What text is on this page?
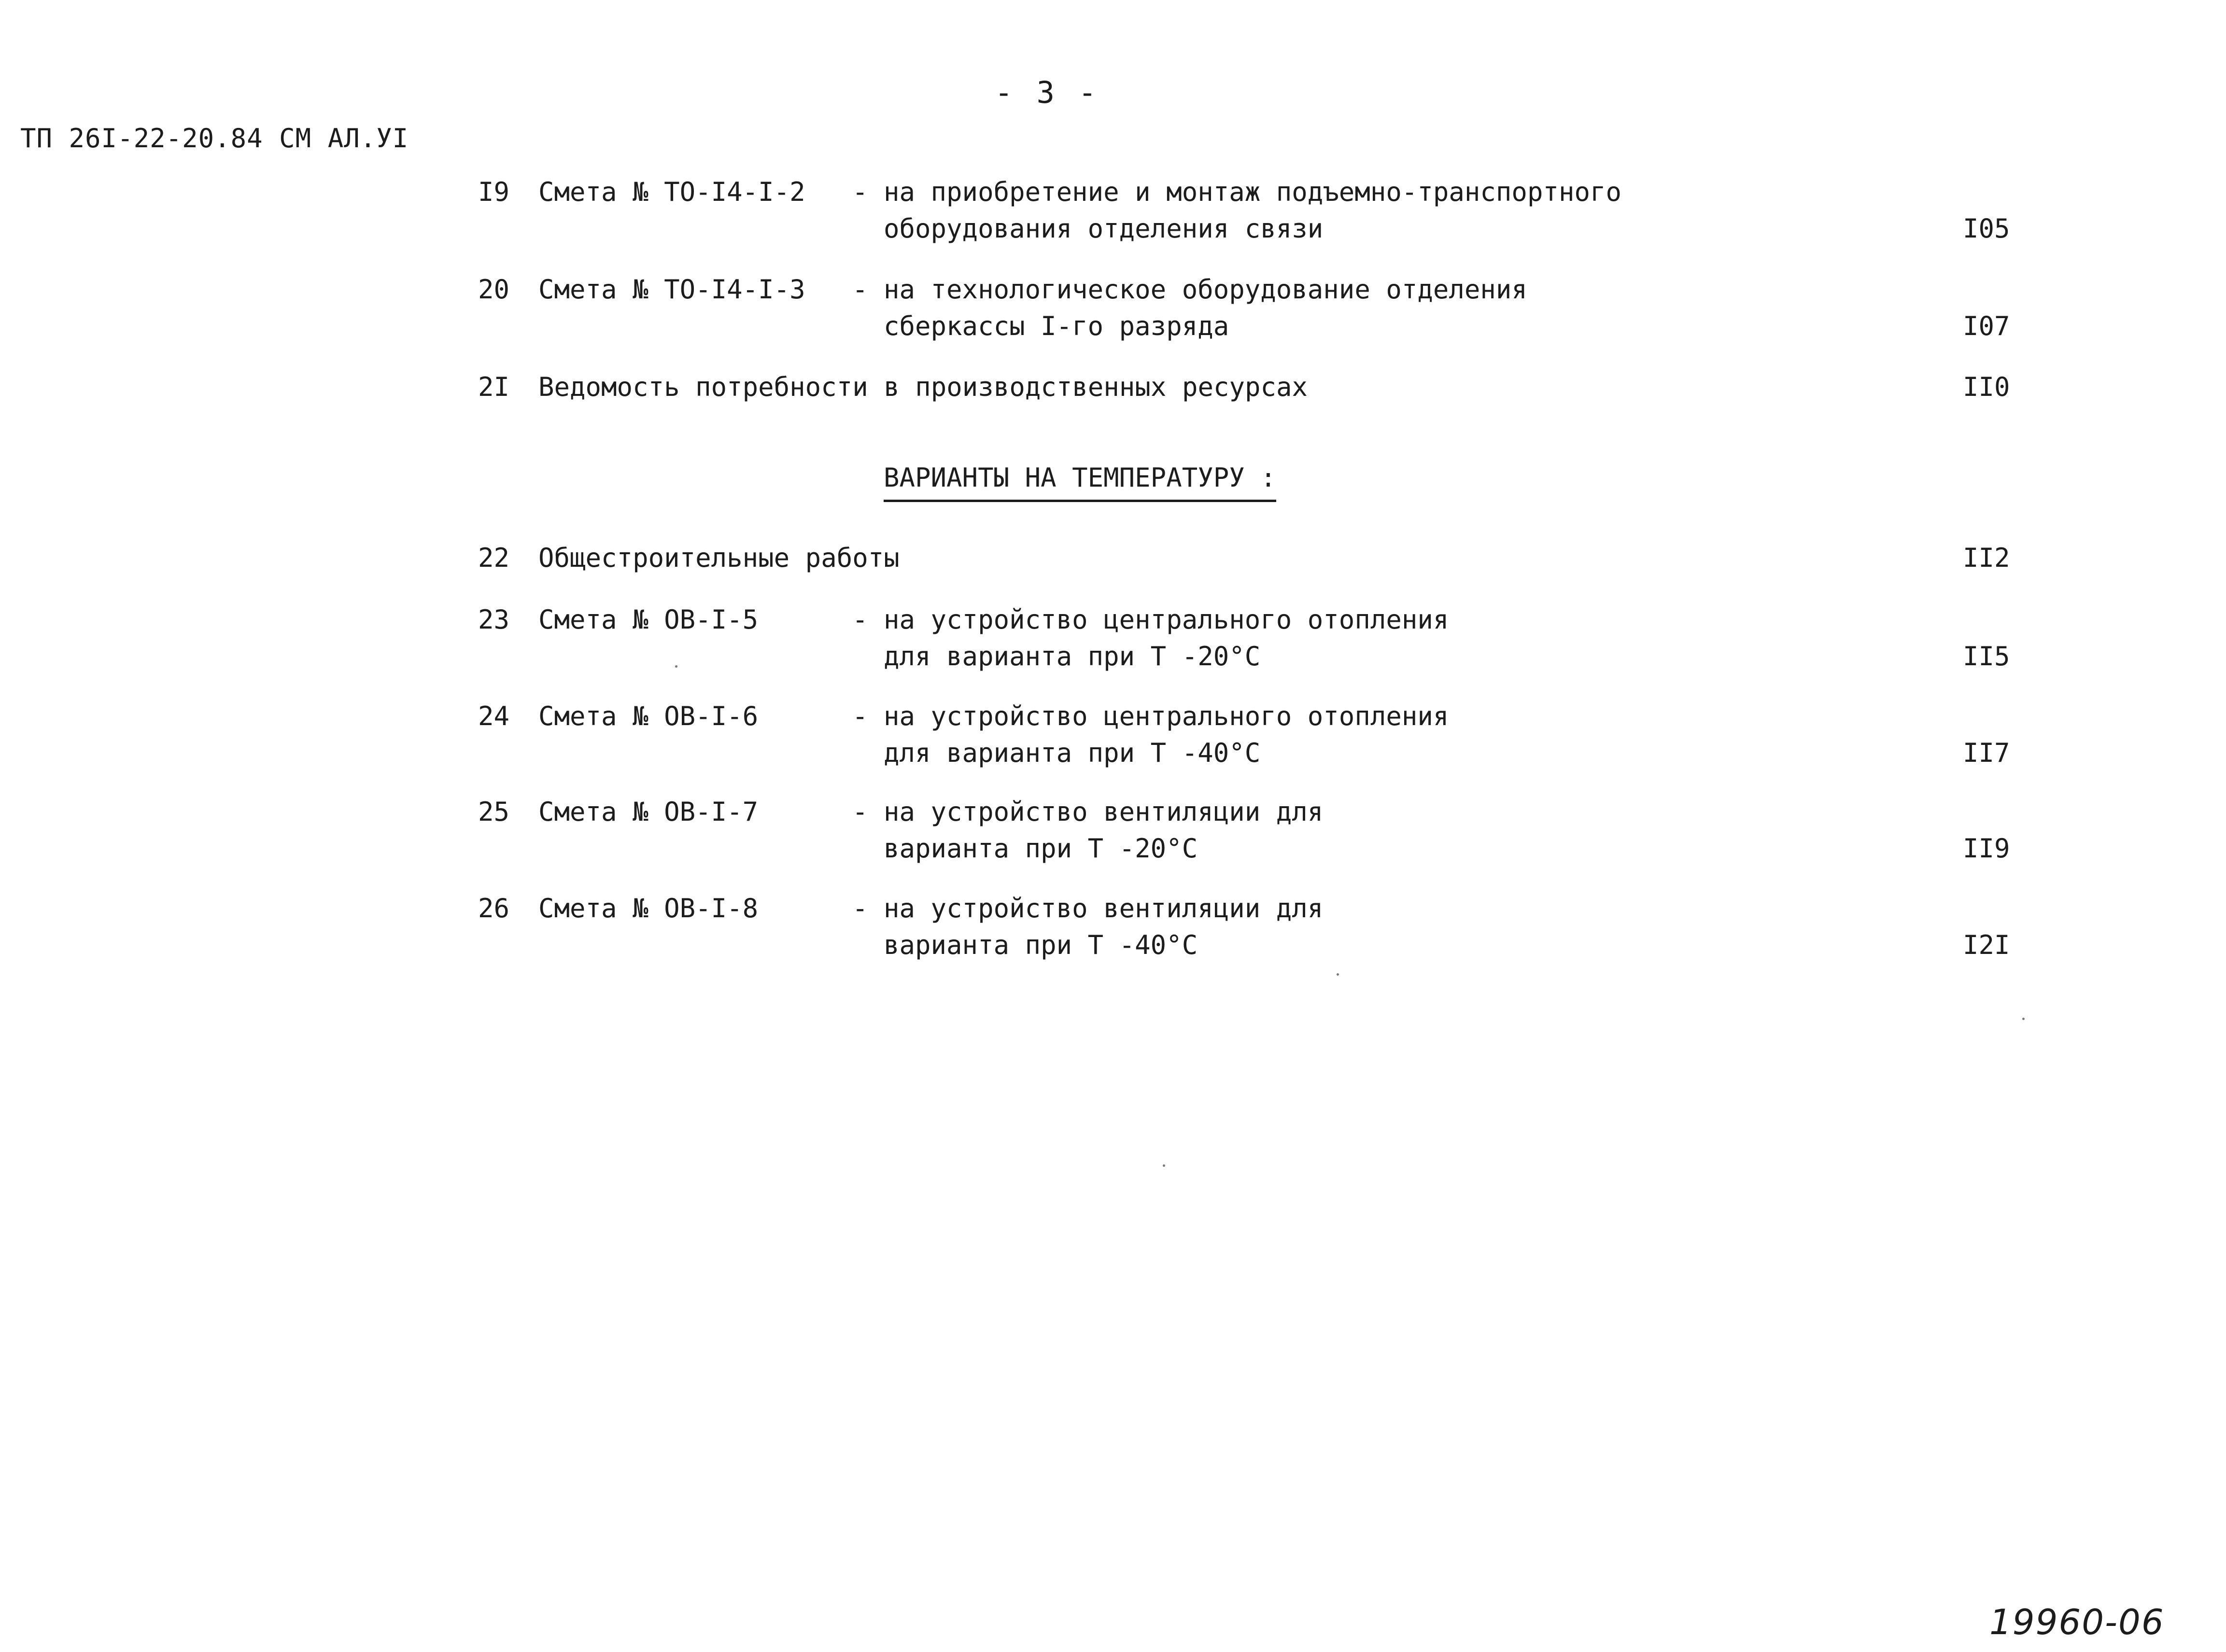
- 3 -
ТП 26I-22-20.84 СМ АЛ.УI
I9 Смета № ТО-I4-I-2 - на приобретение и монтаж подъемно-транспортного
оборудования отделения связи	I05
20 Смета № ТО-I4-I-3 - на технологическое оборудование отделения
сберкассы I-го разряда	I07
2I Ведомость потребности в производственных ресурсах	II0
ВАРИАНТЫ НА ТЕМПЕРАТУРУ :
22 Общестроительные работы	II2
23 Смета № ОВ-I-5	- на устройство центрального отопления
для варианта при Т -20°С	II5
24 Смета № ОВ-I-6	- на устройство центрального отопления
для варианта при Т -40°С	II7
25 Смета № ОВ-I-7	- на устройство вентиляции для
варианта при Т -20°С	II9
26 Смета № ОВ-I-8	- на устройство вентиляции для
варианта при Т -40°С	I2I
19960-06
